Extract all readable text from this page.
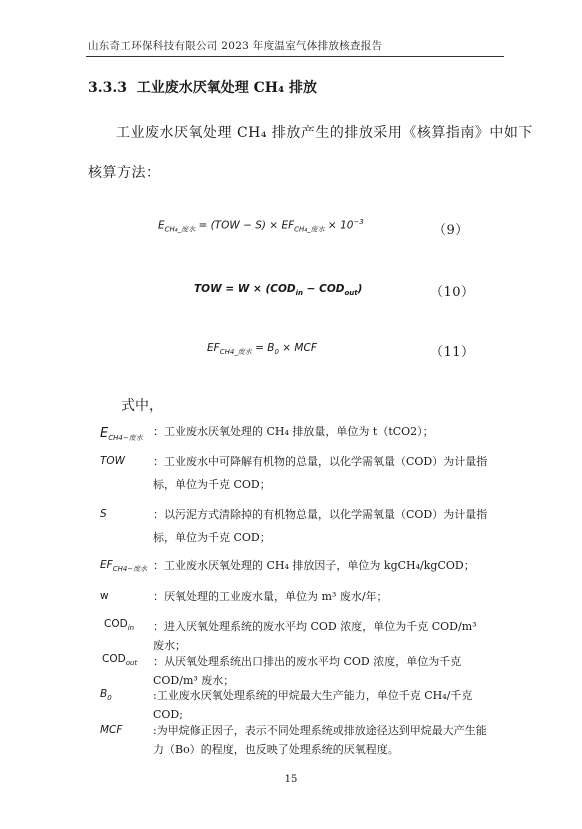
山东奇工环保科技有限公司 2023 年度温室气体排放核查报告
3.3.3 工业废水厌氧处理 CH₄ 排放
工业废水厌氧处理 CH₄ 排放产生的排放采用《核算指南》中如下
核算方法：
$E_{CH_4\_废水} = (TOW - S) \times EF_{CH_4\_废水} \times 10^{-3}$
（9）
TOW = $W \times (COD_{in} - COD_{out})$	（10）
$EF_{CH4\_废水} = B_0$ × MCF	（11）
式中，
$E_{CH4-废水}$
：工业废水厌氧处理的 CH₄ 排放量，单位为 t（tCO2）；
TOW	：工业废水中可降解有机物的总量，以化学需氧量（COD）为计量指标，单位为千克 COD；
S	：以污泥方式清除掉的有机物总量，以化学需氧量（COD）为计量指标，单位为千克 COD；
$EF_{CH4-废水}$ ：工业废水厌氧处理的 CH₄ 排放因子，单位为 kgCH₄/kgCOD；
w	：厌氧处理的工业废水量，单位为 m³ 废水/年；
$COD_{in}$ ：进入厌氧处理系统的废水平均 COD 浓度，单位为千克 COD/m³ 废水；
$COD_{out}$ ：从厌氧处理系统出口排出的废水平均 COD 浓度，单位为千克 COD/m³ 废水；
$B_0$	:工业废水厌氧处理系统的甲烷最大生产能力，单位千克 CH₄/千克 COD;
MCF	:为甲烷修正因子，表示不同处理系统或排放途径达到甲烷最大产生能力（Bo）的程度，也反映了处理系统的厌氧程度。
15
